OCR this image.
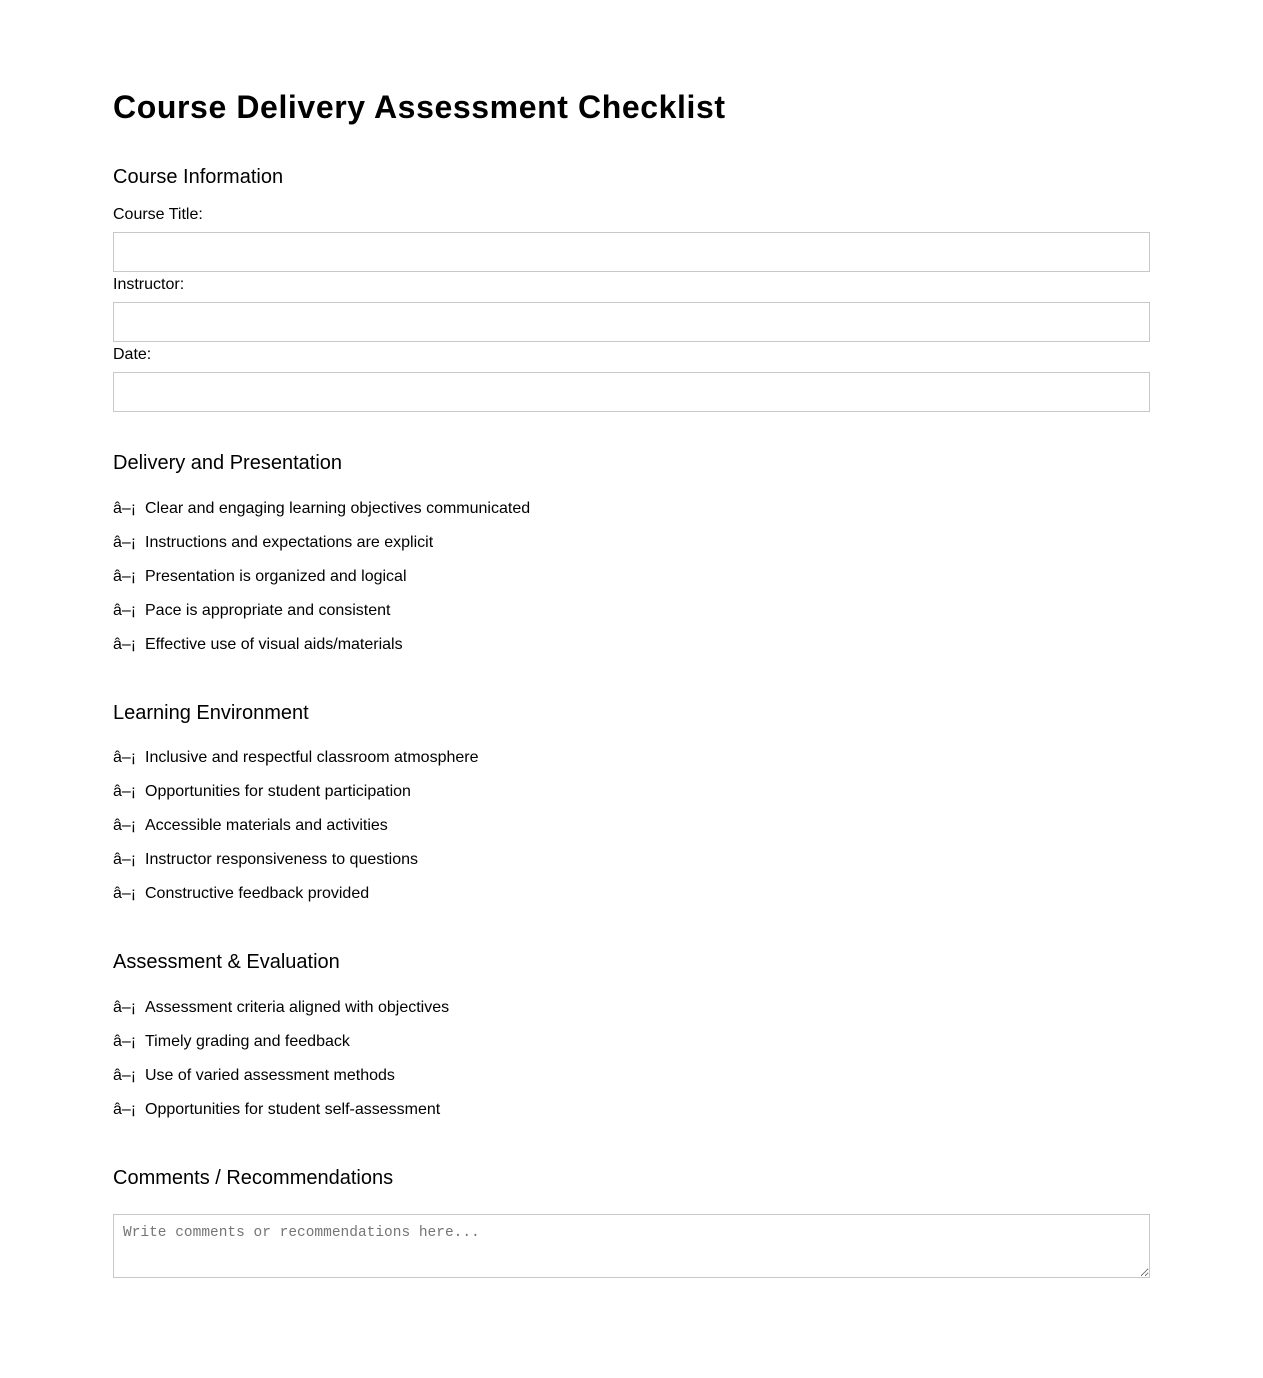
Course Delivery Assessment Checklist
Course Information
Course Title:
Instructor:
Date:
Delivery and Presentation
â–¡ Clear and engaging learning objectives communicated
â–¡ Instructions and expectations are explicit
â–¡ Presentation is organized and logical
â–¡ Pace is appropriate and consistent
â–¡ Effective use of visual aids/materials
Learning Environment
â–¡ Inclusive and respectful classroom atmosphere
â–¡ Opportunities for student participation
â–¡ Accessible materials and activities
â–¡ Instructor responsiveness to questions
â–¡ Constructive feedback provided
Assessment & Evaluation
â–¡ Assessment criteria aligned with objectives
â–¡ Timely grading and feedback
â–¡ Use of varied assessment methods
â–¡ Opportunities for student self-assessment
Comments / Recommendations
Write comments or recommendations here...
